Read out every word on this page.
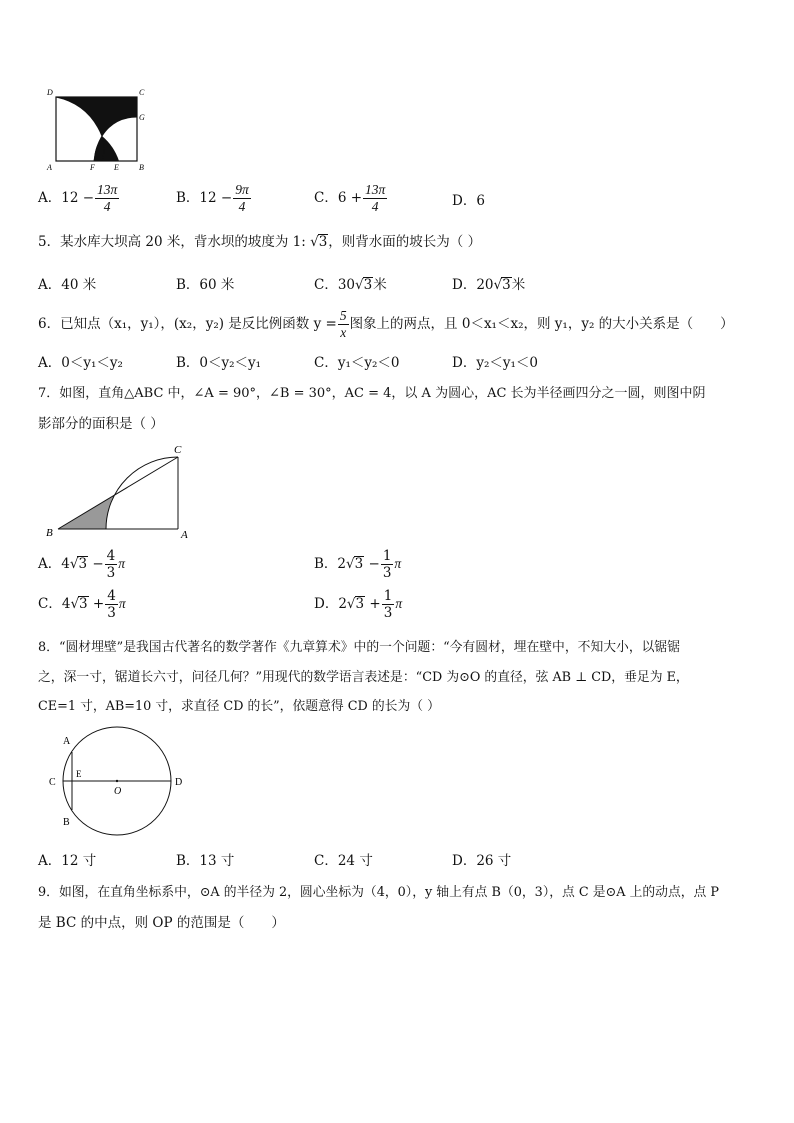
D	C
G
A	F E	B
A．$12 - \frac{13\pi}{4}$	B．$12 - \frac{9\pi}{4}$	C．$6 + \frac{13\pi}{4}$	D．6
5．某水库大坝高 20 米，背水坝的坡度为 1: √3，则背水面的坡长为（ ）
A．40 米	B．60 米	C．30√3米	D．20√3米
6．已知点（x₁，y₁），(x₂，y₂) 是反比例函数 $y = \frac{5}{x}$ 图象上的两点，且 0＜x₁＜x₂，则 y₁，y₂ 的大小关系是（　　）
A．0＜y₁＜y₂	B．0＜y₂＜y₁	C．y₁＜y₂＜0	D．y₂＜y₁＜0
7．如图，直角△ABC 中，∠A = 90°，∠B = 30°，AC = 4，以 A 为圆心，AC 长为半径画四分之一圆，则图中阴
影部分的面积是（ ）
C
B	A
A．$4√3 - \frac{4}{3}$ π	B．$2√3 - \frac{1}{3}$ π
C．$4√3 + \frac{4}{3}$ π	D．$2√3 + \frac{1}{3}$ π
8．“圆材埋壁”是我国古代著名的数学著作《九章算术》中的一个问题：“今有圆材，埋在壁中，不知大小，以锯锯
之，深一寸，锯道长六寸，问径几何？”用现代的数学语言表述是：“CD 为⊙O 的直径，弦 AB ⊥ CD，垂足为 E，
CE=1 寸，AB=10 寸，求直径 CD 的长”，依题意得 CD 的长为（ ）
A
C
E
O
D
B
A．12 寸	B．13 寸	C．24 寸	D．26 寸
9．如图，在直角坐标系中，⊙A 的半径为 2，圆心坐标为（4，0），y 轴上有点 B（0，3），点 C 是⊙A 上的动点，点 P
是 BC 的中点，则 OP 的范围是（　　）
